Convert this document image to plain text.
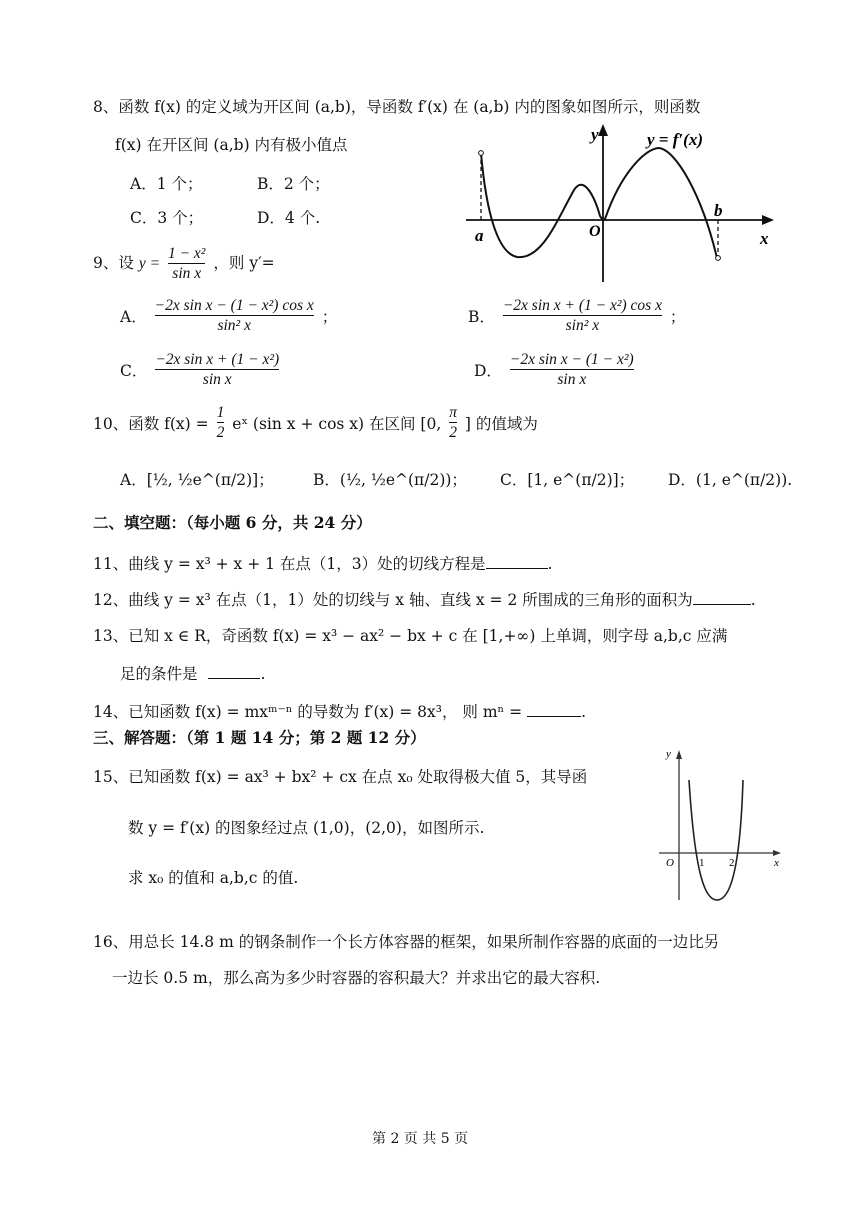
8、函数 f(x) 的定义域为开区间 (a,b)，导函数 f′(x) 在 (a,b) 内的图象如图所示，则函数
f(x) 在开区间 (a,b) 内有极小值点
A．1 个；	B．2 个；
C．3 个；	D．4 个.
y
x
y = f′(x)
a
b
O
9、设 $y = \frac{\text{1 − x²}}{\text{sin x}}$ ，则 y′=
A． $\frac{\text{−2x sin x − (1 − x²) cos x}}{\text{sin² x}}$ ；	B． $\frac{\text{−2x sin x + (1 − x²) cos x}}{\text{sin² x}}$ ；
C． $\frac{\text{−2x sin x + (1 − x²)}}{\text{sin x}}$	D． $\frac{\text{−2x sin x − (1 − x²)}}{\text{sin x}}$
10、函数 $f(x) = \frac{1}{2}$ eˣ (sin x + cos x) 在区间 [0, $\frac{\pi}{2}$ ] 的值域为
A．[½, ½e^(π/2)]；	B．(½, ½e^(π/2))； C．[1, e^(π/2)]； D．(1, e^(π/2)).
二、填空题：（每小题 6 分，共 24 分）
11、曲线 y = x³ + x + 1 在点（1，3）处的切线方程是	.
12、曲线 y = x³ 在点（1，1）处的切线与 x 轴、直线 x = 2 所围成的三角形的面积为	.
13、已知 x ∈ R，奇函数 f(x) = x³ − ax² − bx + c 在 [1,+∞) 上单调，则字母 a,b,c 应满
足的条件是	.
14、已知函数 f(x) = mxᵐ⁻ⁿ 的导数为 f′(x) = 8x³， 则 mⁿ =	.
三、解答题：（第 1 题 14 分；第 2 题 12 分）
15、已知函数 f(x) = ax³ + bx² + cx 在点 x₀ 处取得极大值 5，其导函
数 y = f′(x) 的图象经过点 (1,0)，(2,0)，如图所示.
求 x₀ 的值和 a,b,c 的值.
y
x
O 1 2
16、用总长 14.8 m 的钢条制作一个长方体容器的框架，如果所制作容器的底面的一边比另
一边长 0.5 m，那么高为多少时容器的容积最大？并求出它的最大容积.
第 2 页 共 5 页
